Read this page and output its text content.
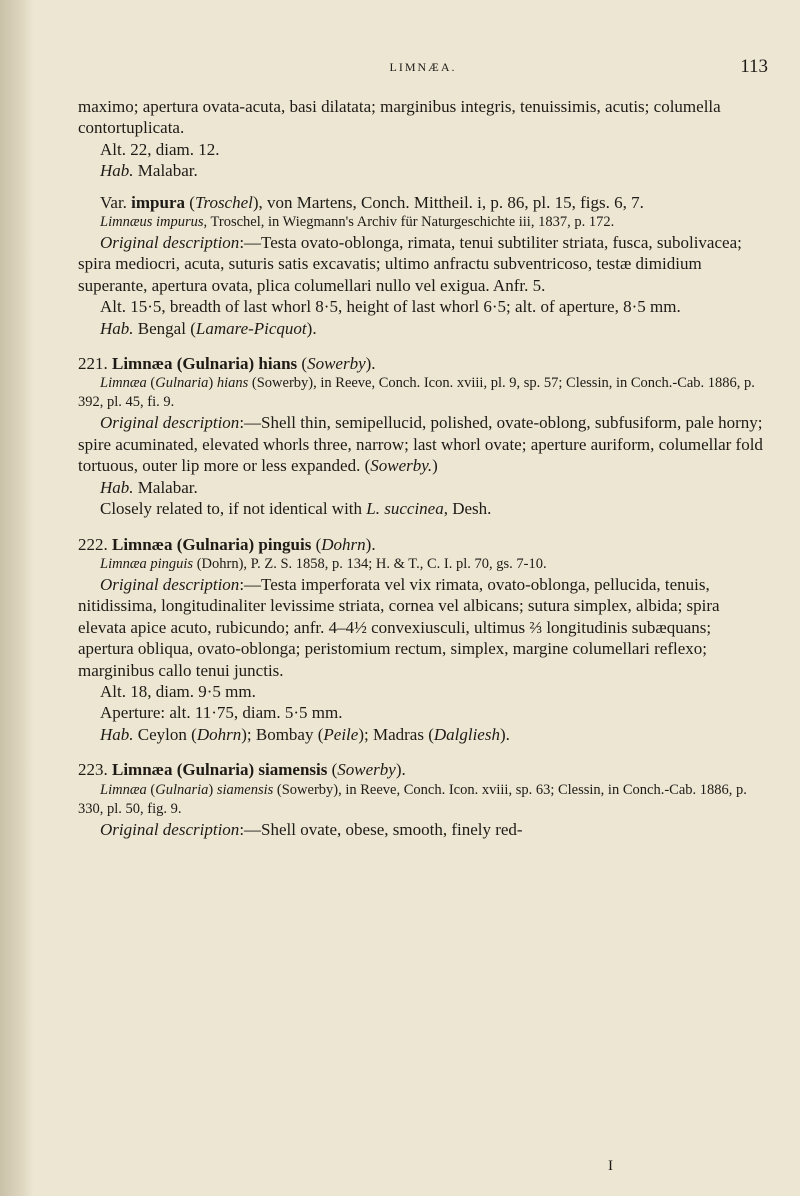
LIMNÆA.	113

maximo; apertura ovata-acuta, basi dilatata; marginibus integris, tenuissimis, acutis; columella contortuplicata.

Alt. 22, diam. 12.

Hab. Malabar.

Var. impura (Troschel), von Martens, Conch. Mittheil. i, p. 86, pl. 15, figs. 6, 7.

Limnæus impurus, Troschel, in Wiegmann's Archiv für Naturgeschichte iii, 1837, p. 172.

Original description:—Testa ovato-oblonga, rimata, tenui subtiliter striata, fusca, subolivacea; spira mediocri, acuta, suturis satis excavatis; ultimo anfractu subventricoso, testæ dimidium superante, apertura ovata, plica columellari nullo vel exigua. Anfr. 5.

Alt. 15·5, breadth of last whorl 8·5, height of last whorl 6·5; alt. of aperture, 8·5 mm.

Hab. Bengal (Lamare-Picquot).

221. Limnæa (Gulnaria) hians (Sowerby).

Limnæa (Gulnaria) hians (Sowerby), in Reeve, Conch. Icon. xviii, pl. 9, sp. 57; Clessin, in Conch.-Cab. 1886, p. 392, pl. 45, fi. 9.

Original description:—Shell thin, semipellucid, polished, ovate-oblong, subfusiform, pale horny; spire acuminated, elevated whorls three, narrow; last whorl ovate; aperture auriform, columellar fold tortuous, outer lip more or less expanded. (Sowerby.)

Hab. Malabar.

Closely related to, if not identical with L. succinea, Desh.

222. Limnæa (Gulnaria) pinguis (Dohrn).

Limnæa pinguis (Dohrn), P. Z. S. 1858, p. 134; H. & T., C. I. pl. 70, gs. 7-10.

Original description:—Testa imperforata vel vix rimata, ovato-oblonga, pellucida, tenuis, nitidissima, longitudinaliter levissime striata, cornea vel albicans; sutura simplex, albida; spira elevata apice acuto, rubicundo; anfr. 4–4½ convexiusculi, ultimus ⅔ longitudinis subæquans; apertura obliqua, ovato-oblonga; peristomium rectum, simplex, margine columellari reflexo; marginibus callo tenui junctis.

Alt. 18, diam. 9·5 mm.

Aperture: alt. 11·75, diam. 5·5 mm.

Hab. Ceylon (Dohrn); Bombay (Peile); Madras (Dalgliesh).

223. Limnæa (Gulnaria) siamensis (Sowerby).

Limnæa (Gulnaria) siamensis (Sowerby), in Reeve, Conch. Icon. xviii, sp. 63; Clessin, in Conch.-Cab. 1886, p. 330, pl. 50, fig. 9.

Original description:—Shell ovate, obese, smooth, finely red-

I
